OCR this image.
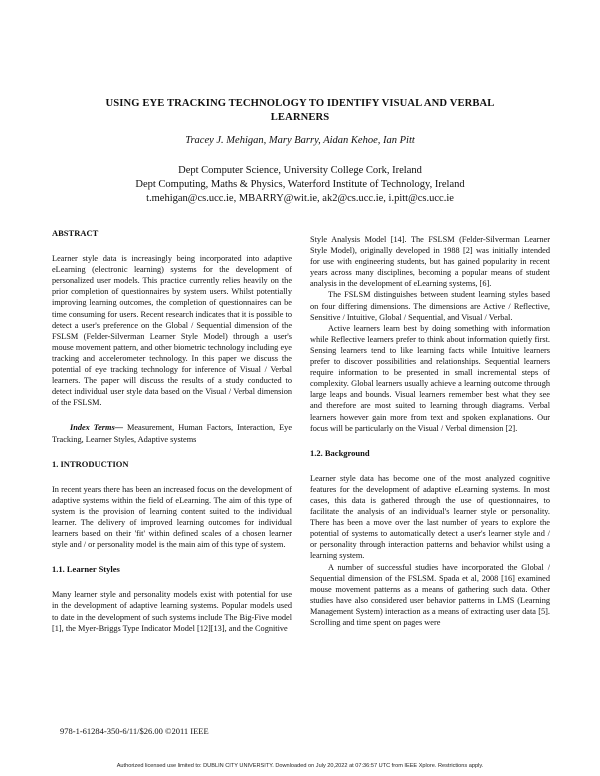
USING EYE TRACKING TECHNOLOGY TO IDENTIFY VISUAL AND VERBAL
LEARNERS
Tracey J. Mehigan, Mary Barry, Aidan Kehoe, Ian Pitt
Dept Computer Science, University College Cork, Ireland
Dept Computing, Maths & Physics, Waterford Institute of Technology, Ireland
t.mehigan@cs.ucc.ie, MBARRY@wit.ie, ak2@cs.ucc.ie, i.pitt@cs.ucc.ie

ABSTRACT

Learner style data is increasingly being incorporated into adaptive eLearning (electronic learning) systems for the development of personalized user models. This practice currently relies heavily on the prior completion of questionnaires by system users. Whilst potentially improving learning outcomes, the completion of questionnaires can be time consuming for users. Recent research indicates that it is possible to detect a user's preference on the Global / Sequential dimension of the FSLSM (Felder-Silverman Learner Style Model) through a user's mouse movement pattern, and other biometric technology including eye tracking and accelerometer technology. In this paper we discuss the potential of eye tracking technology for inference of Visual / Verbal learners. The paper will discuss the results of a study conducted to detect individual user style data based on the Visual / Verbal dimension of the FSLSM.

Index Terms— Measurement, Human Factors, Interaction, Eye Tracking, Learner Styles, Adaptive systems

1. INTRODUCTION

In recent years there has been an increased focus on the development of adaptive systems within the field of eLearning. The aim of this type of system is the provision of learning content suited to the individual learner. The delivery of improved learning outcomes for individual learners based on their 'fit' within defined scales of a chosen learner style and / or personality model is the main aim of this type of system.

1.1. Learner Styles

Many learner style and personality models exist with potential for use in the development of adaptive learning systems. Popular models used to date in the development of such systems include The Big-Five model [1], the Myer-Briggs Type Indicator Model [12][13], and the Cognitive

Style Analysis Model [14]. The FSLSM (Felder-Silverman Learner Style Model), originally developed in 1988 [2] was initially intended for use with engineering students, but has gained popularity in recent years across many disciplines, becoming a popular means of student analysis in the development of eLearning systems, [6].

The FSLSM distinguishes between student learning styles based on four differing dimensions. The dimensions are Active / Reflective, Sensitive / Intuitive, Global / Sequential, and Visual / Verbal.

Active learners learn best by doing something with information while Reflective learners prefer to think about information quietly first. Sensing learners tend to like learning facts while Intuitive learners prefer to discover possibilities and relationships. Sequential learners require information to be presented in small incremental steps of complexity. Global learners usually achieve a learning outcome through large leaps and bounds. Visual learners remember best what they see and therefore are most suited to learning through diagrams. Verbal learners however gain more from text and spoken explanations. Our focus will be particularly on the Visual / Verbal dimension [2].

1.2. Background

Learner style data has become one of the most analyzed cognitive features for the development of adaptive eLearning systems. In most cases, this data is gathered through the use of questionnaires, to facilitate the analysis of an individual's learner style or personality. There has been a move over the last number of years to explore the potential of systems to automatically detect a user's learner style and / or personality through interaction patterns and behavior whilst using a learning system.

A number of successful studies have incorporated the Global / Sequential dimension of the FSLSM. Spada et al, 2008 [16] examined mouse movement patterns as a means of gathering such data. Other studies have also considered user behavior patterns in LMS (Learning Management System) interaction as a means of extracting user data [5]. Scrolling and time spent on pages were

978-1-61284-350-6/11/$26.00 ©2011 IEEE
Authorized licensed use limited to: DUBLIN CITY UNIVERSITY. Downloaded on July 20,2022 at 07:36:57 UTC from IEEE Xplore. Restrictions apply.
